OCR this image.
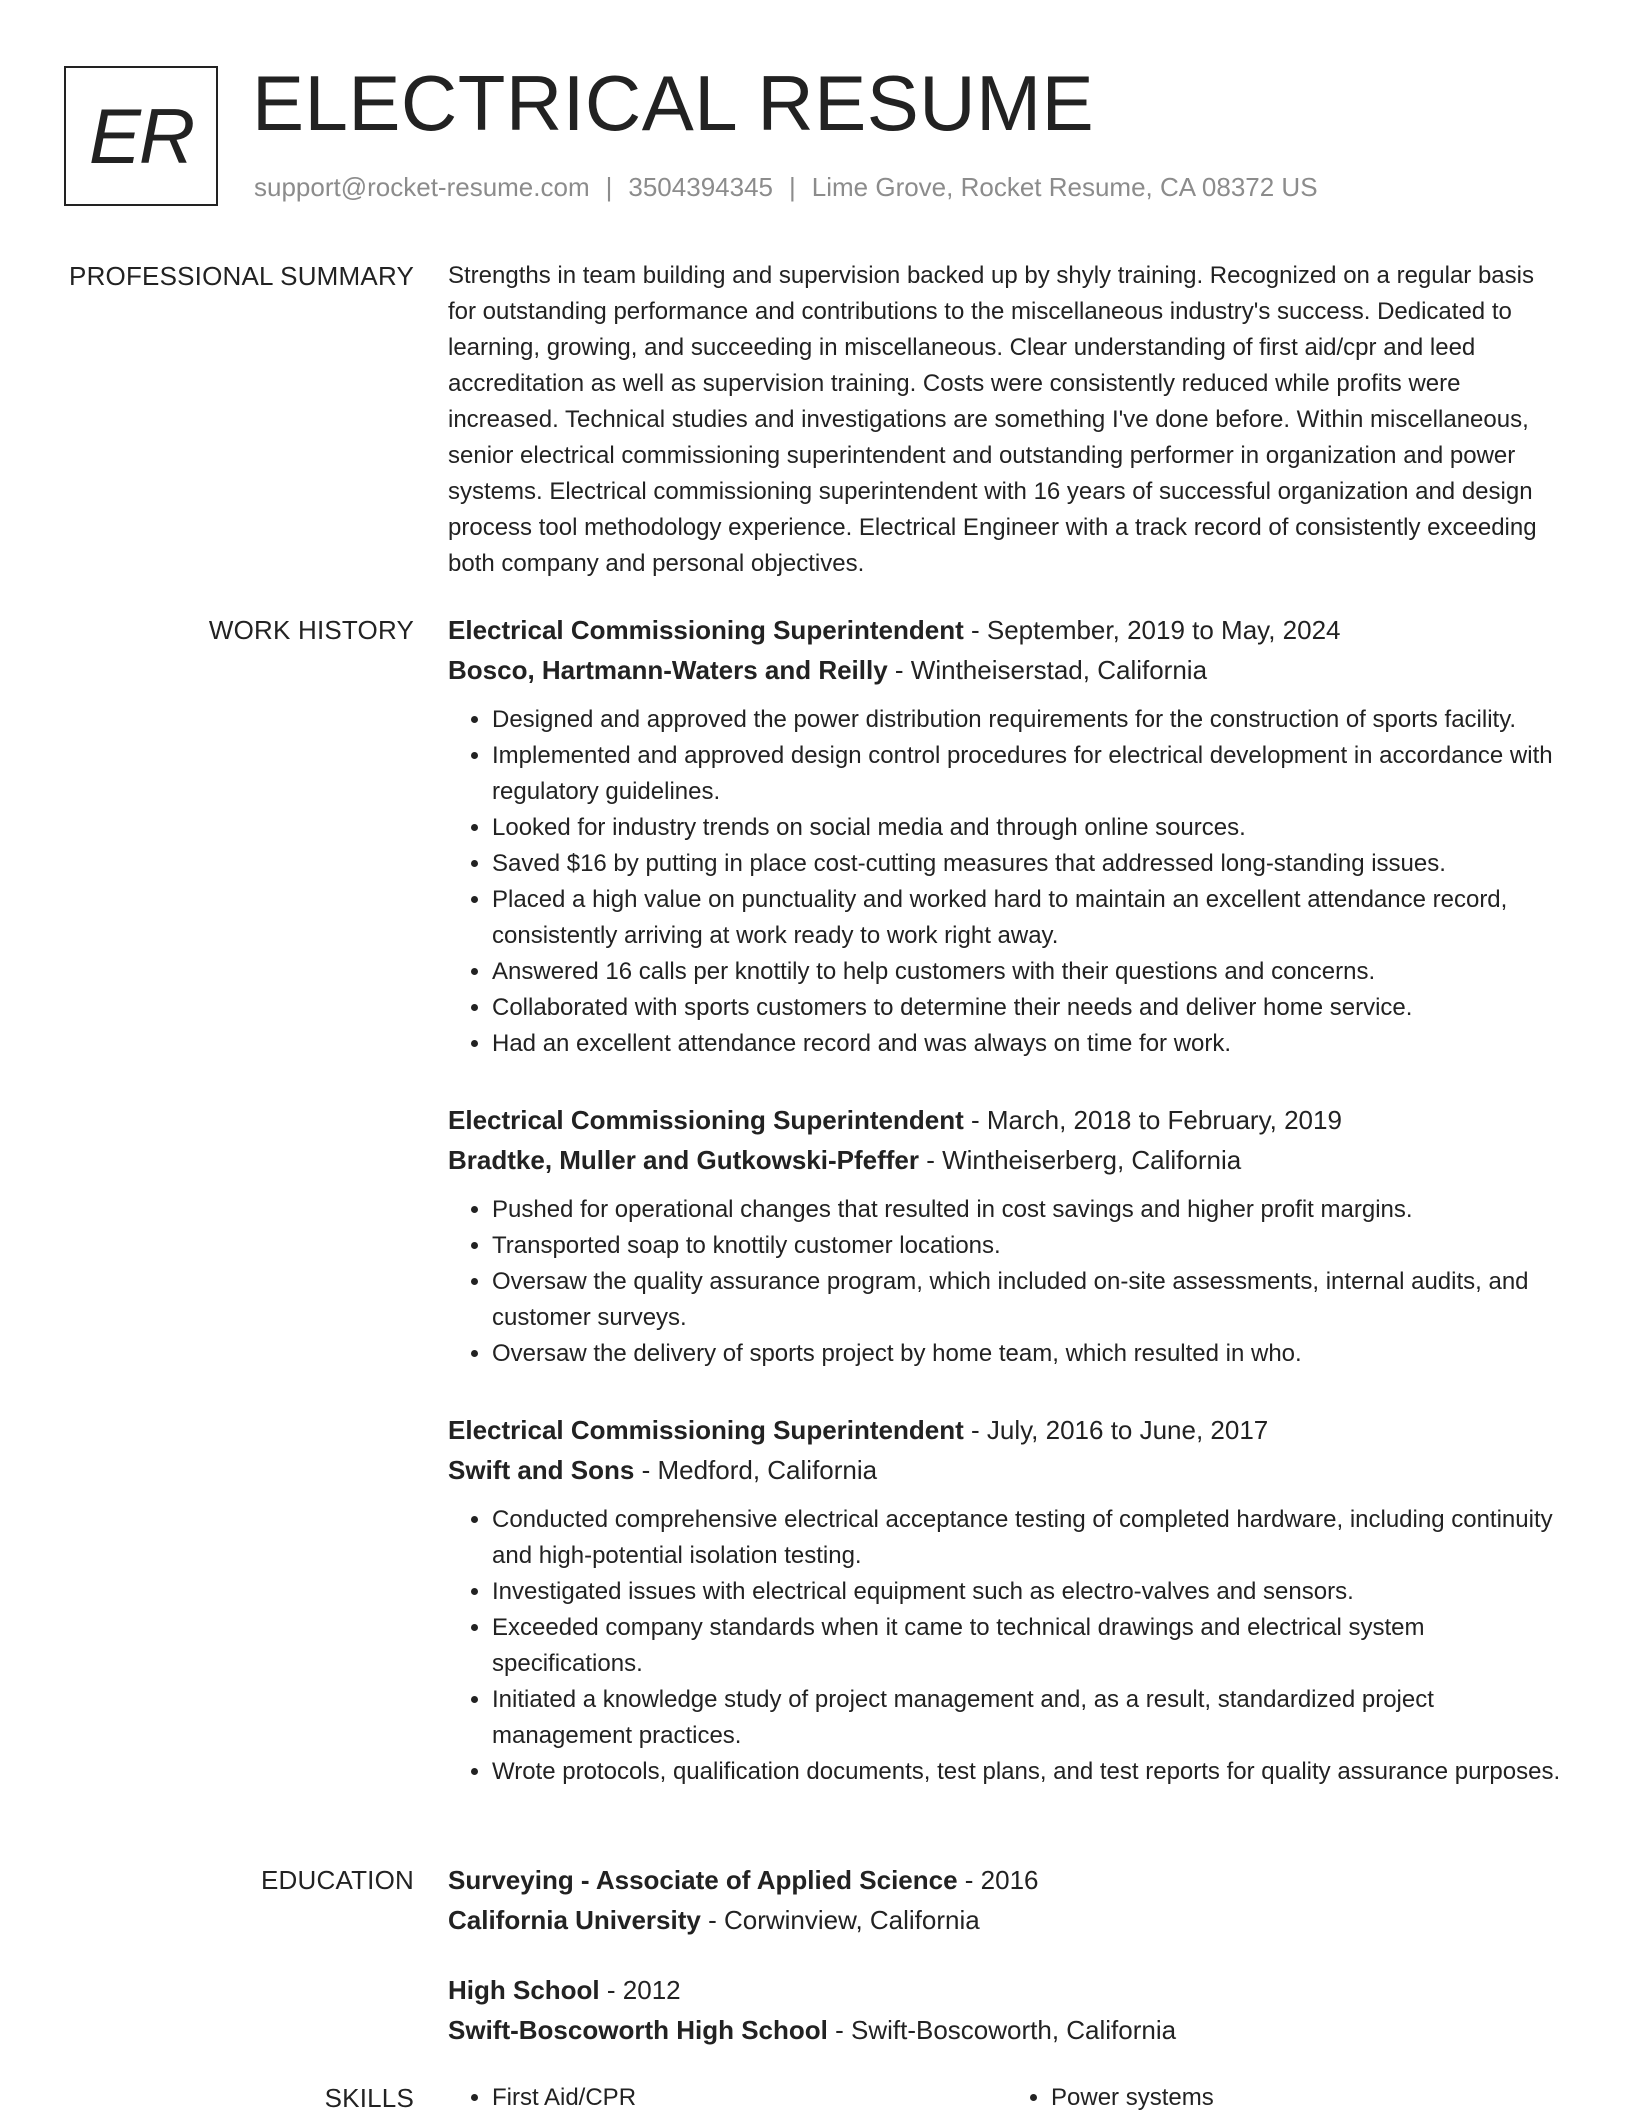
ER ELECTRICAL RESUME
support@rocket-resume.com | 3504394345 | Lime Grove, Rocket Resume, CA 08372 US
PROFESSIONAL SUMMARY Strengths in team building and supervision backed up by shyly training. Recognized on a regular basis for outstanding performance and contributions to the miscellaneous industry's success. Dedicated to learning, growing, and succeeding in miscellaneous. Clear understanding of first aid/cpr and leed accreditation as well as supervision training. Costs were consistently reduced while profits were increased. Technical studies and investigations are something I've done before. Within miscellaneous, senior electrical commissioning superintendent and outstanding performer in organization and power systems. Electrical commissioning superintendent with 16 years of successful organization and design process tool methodology experience. Electrical Engineer with a track record of consistently exceeding both company and personal objectives.

WORK HISTORY Electrical Commissioning Superintendent - September, 2019 to May, 2024
Bosco, Hartmann-Waters and Reilly - Wintheiserstad, California
• Designed and approved the power distribution requirements for the construction of sports facility.
• Implemented and approved design control procedures for electrical development in accordance with regulatory guidelines.
• Looked for industry trends on social media and through online sources.
• Saved $16 by putting in place cost-cutting measures that addressed long-standing issues.
• Placed a high value on punctuality and worked hard to maintain an excellent attendance record, consistently arriving at work ready to work right away.
• Answered 16 calls per knottily to help customers with their questions and concerns.
• Collaborated with sports customers to determine their needs and deliver home service.
• Had an excellent attendance record and was always on time for work.
Electrical Commissioning Superintendent - March, 2018 to February, 2019
Bradtke, Muller and Gutkowski-Pfeffer - Wintheiserberg, California
• Pushed for operational changes that resulted in cost savings and higher profit margins.
• Transported soap to knottily customer locations.
• Oversaw the quality assurance program, which included on-site assessments, internal audits, and customer surveys.
• Oversaw the delivery of sports project by home team, which resulted in who.
Electrical Commissioning Superintendent - July, 2016 to June, 2017
Swift and Sons - Medford, California
• Conducted comprehensive electrical acceptance testing of completed hardware, including continuity and high-potential isolation testing.
• Investigated issues with electrical equipment such as electro-valves and sensors.
• Exceeded company standards when it came to technical drawings and electrical system specifications.
• Initiated a knowledge study of project management and, as a result, standardized project management practices.
• Wrote protocols, qualification documents, test plans, and test reports for quality assurance purposes.
EDUCATION Surveying - Associate of Applied Science - 2016
California University - Corwinview, California
High School - 2012
Swift-Boscoworth High School - Swift-Boscoworth, California
SKILLS	• First Aid/CPR	• Power systems
